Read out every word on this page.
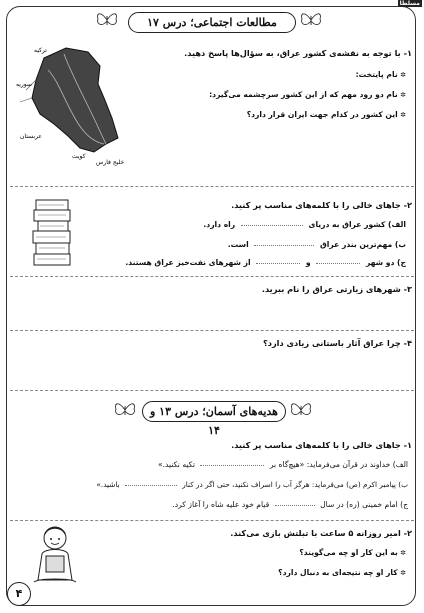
مسلطا
مطالعات اجتماعی؛ درس ۱۷
ترکیه
سوریه
عربستان
کویت
خلیج فارس
۱- با توجه به نقشه‌ی کشور عراق، به سؤال‌ها پاسخ دهید.
✲ نام پایتخت:
✲ نام دو رود مهم که از این کشور سرچشمه می‌گیرد:
✲ این کشور در کدام جهت ایران قرار دارد؟
۲- جاهای خالی را با کلمه‌های مناسب پر کنید.
الف) کشور عراق به دریای  راه دارد.
ب) مهم‌ترین بندر عراق  است.
ج) دو شهر  و  از شهرهای نفت‌خیز عراق هستند.
۳- شهرهای زیارتی عراق را نام ببرید.
۴- چرا عراق آثار باستانی زیادی دارد؟
هدیه‌های آسمان؛ درس ۱۳ و ۱۴
۱- جاهای خالی را با کلمه‌های مناسب پر کنید.
الف) خداوند در قرآن می‌فرماید: «هیچ‌گاه بر  تکیه نکنید.»
ب) پیامبر اکرم (ص) می‌فرماید: هرگز آب را اسراف نکنید، حتی اگر در کنار  باشید.»
ج) امام خمینی (ره) در سال  قیام خود علیه شاه را آغاز کرد.
۲- امیر روزانه ۵ ساعت با تبلتش بازی می‌کند.
✲ به این کار او چه می‌گویند؟
✲ کار او چه نتیجه‌ای به دنبال دارد؟
۴
